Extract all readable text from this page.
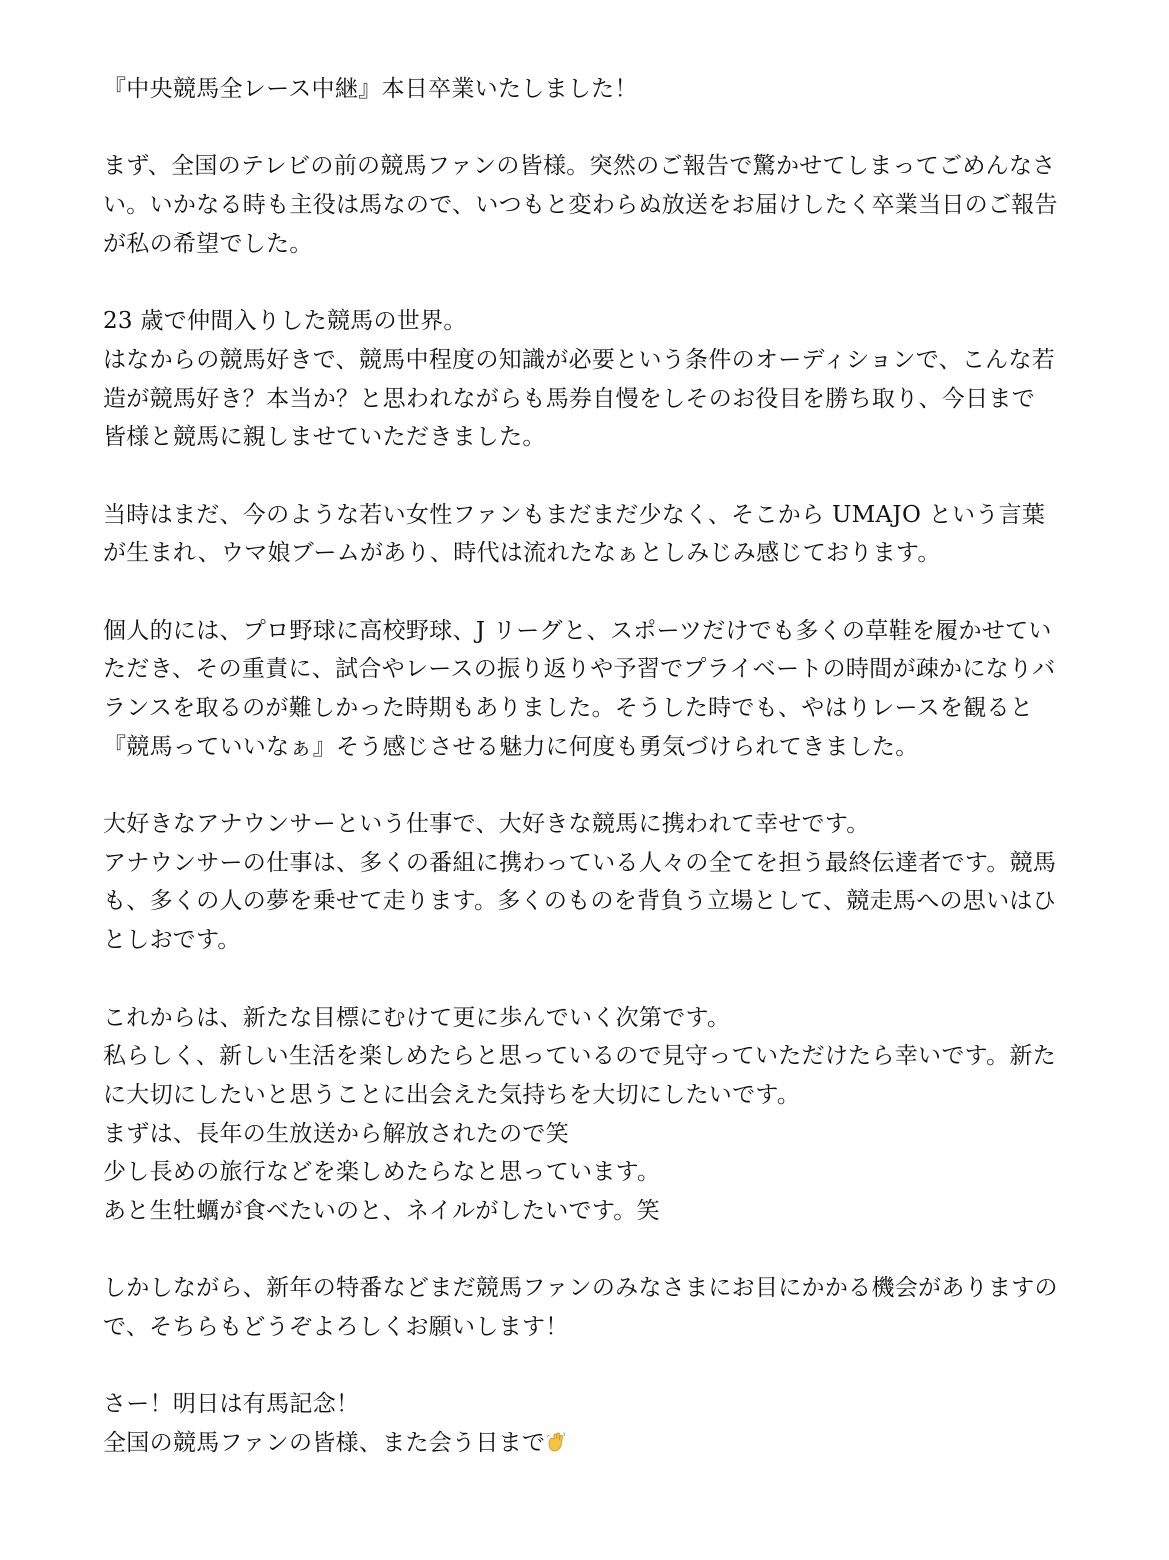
『中央競馬全レース中継』本日卒業いたしました！
まず、全国のテレビの前の競馬ファンの皆様。突然のご報告で驚かせてしまってごめんなさ
い。いかなる時も主役は馬なので、いつもと変わらぬ放送をお届けしたく卒業当日のご報告
が私の希望でした。
23 歳で仲間入りした競馬の世界。
はなからの競馬好きで、競馬中程度の知識が必要という条件のオーディションで、こんな若
造が競馬好き？本当か？と思われながらも馬券自慢をしそのお役目を勝ち取り、今日まで
皆様と競馬に親しませていただきました。
当時はまだ、今のような若い女性ファンもまだまだ少なく、そこから UMAJO という言葉
が生まれ、ウマ娘ブームがあり、時代は流れたなぁとしみじみ感じております。
個人的には、プロ野球に高校野球、J リーグと、スポーツだけでも多くの草鞋を履かせてい
ただき、その重責に、試合やレースの振り返りや予習でプライベートの時間が疎かになりバ
ランスを取るのが難しかった時期もありました。そうした時でも、やはりレースを観ると
『競馬っていいなぁ』そう感じさせる魅力に何度も勇気づけられてきました。
大好きなアナウンサーという仕事で、大好きな競馬に携われて幸せです。
アナウンサーの仕事は、多くの番組に携わっている人々の全てを担う最終伝達者です。競馬
も、多くの人の夢を乗せて走ります。多くのものを背負う立場として、競走馬への思いはひ
としおです。
これからは、新たな目標にむけて更に歩んでいく次第です。
私らしく、新しい生活を楽しめたらと思っているので見守っていただけたら幸いです。新た
に大切にしたいと思うことに出会えた気持ちを大切にしたいです。
まずは、長年の生放送から解放されたので笑
少し長めの旅行などを楽しめたらなと思っています。
あと生牡蠣が食べたいのと、ネイルがしたいです。笑
しかしながら、新年の特番などまだ競馬ファンのみなさまにお目にかかる機会がありますの
で、そちらもどうぞよろしくお願いします！
さー！明日は有馬記念！
全国の競馬ファンの皆様、また会う日まで
